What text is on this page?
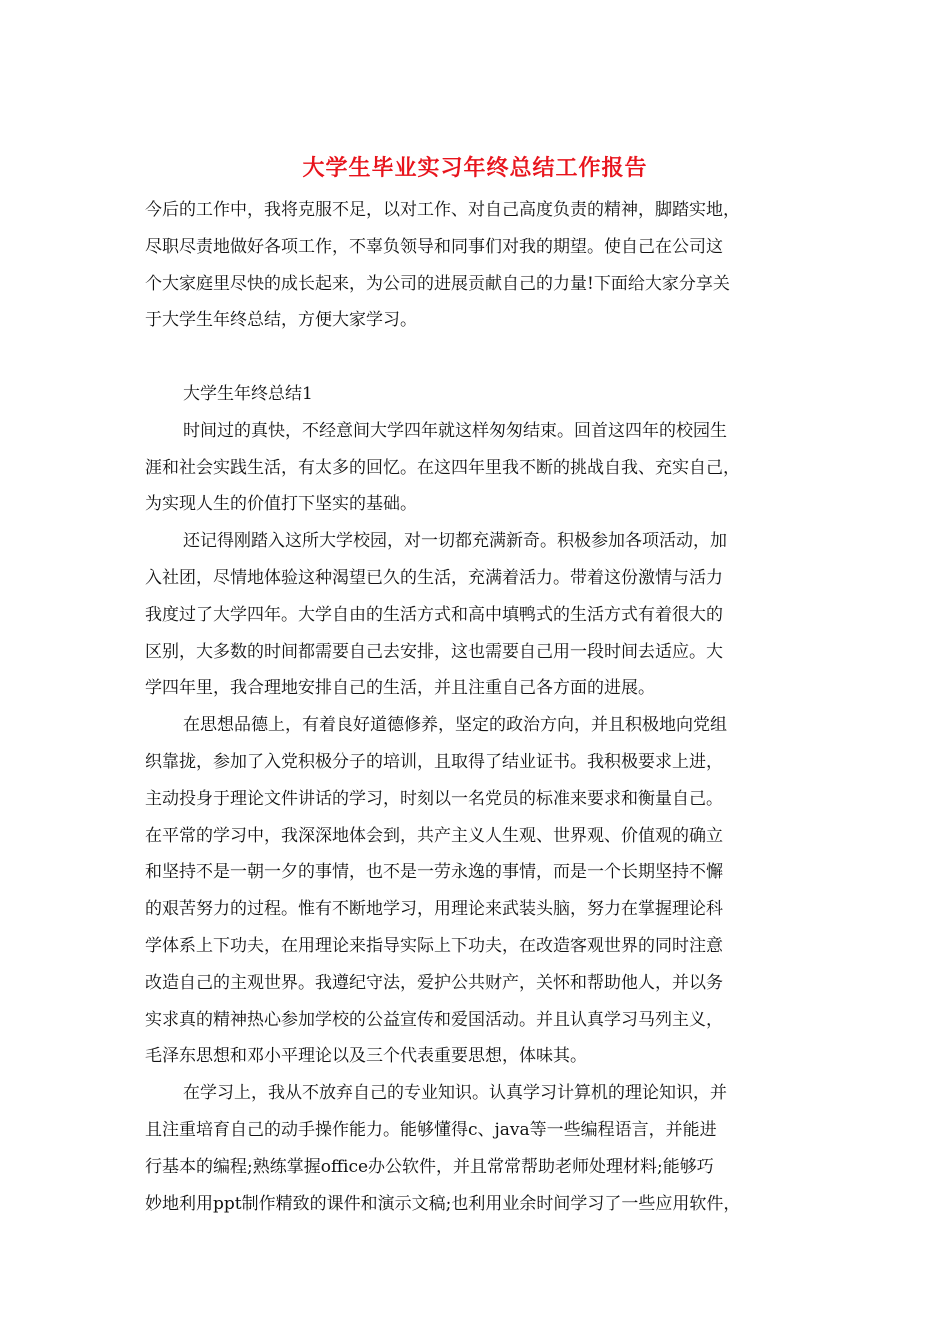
大学生毕业实习年终总结工作报告
今后的工作中，我将克服不足，以对工作、对自己高度负责的精神，脚踏实地，
尽职尽责地做好各项工作，不辜负领导和同事们对我的期望。使自己在公司这
个大家庭里尽快的成长起来，为公司的进展贡献自己的力量!下面给大家分享关
于大学生年终总结，方便大家学习。
大学生年终总结1
时间过的真快，不经意间大学四年就这样匆匆结束。回首这四年的校园生
涯和社会实践生活，有太多的回忆。在这四年里我不断的挑战自我、充实自己，
为实现人生的价值打下坚实的基础。
还记得刚踏入这所大学校园，对一切都充满新奇。积极参加各项活动，加
入社团，尽情地体验这种渴望已久的生活，充满着活力。带着这份激情与活力
我度过了大学四年。大学自由的生活方式和高中填鸭式的生活方式有着很大的
区别，大多数的时间都需要自己去安排，这也需要自己用一段时间去适应。大
学四年里，我合理地安排自己的生活，并且注重自己各方面的进展。
在思想品德上，有着良好道德修养，坚定的政治方向，并且积极地向党组
织靠拢，参加了入党积极分子的培训，且取得了结业证书。我积极要求上进，
主动投身于理论文件讲话的学习，时刻以一名党员的标准来要求和衡量自己。
在平常的学习中，我深深地体会到，共产主义人生观、世界观、价值观的确立
和坚持不是一朝一夕的事情，也不是一劳永逸的事情，而是一个长期坚持不懈
的艰苦努力的过程。惟有不断地学习，用理论来武装头脑，努力在掌握理论科
学体系上下功夫，在用理论来指导实际上下功夫，在改造客观世界的同时注意
改造自己的主观世界。我遵纪守法，爱护公共财产，关怀和帮助他人，并以务
实求真的精神热心参加学校的公益宣传和爱国活动。并且认真学习马列主义，
毛泽东思想和邓小平理论以及三个代表重要思想，体味其。
在学习上，我从不放弃自己的专业知识。认真学习计算机的理论知识，并
且注重培育自己的动手操作能力。能够懂得c、java等一些编程语言，并能进
行基本的编程;熟练掌握office办公软件，并且常常帮助老师处理材料;能够巧
妙地利用ppt制作精致的课件和演示文稿;也利用业余时间学习了一些应用软件，
